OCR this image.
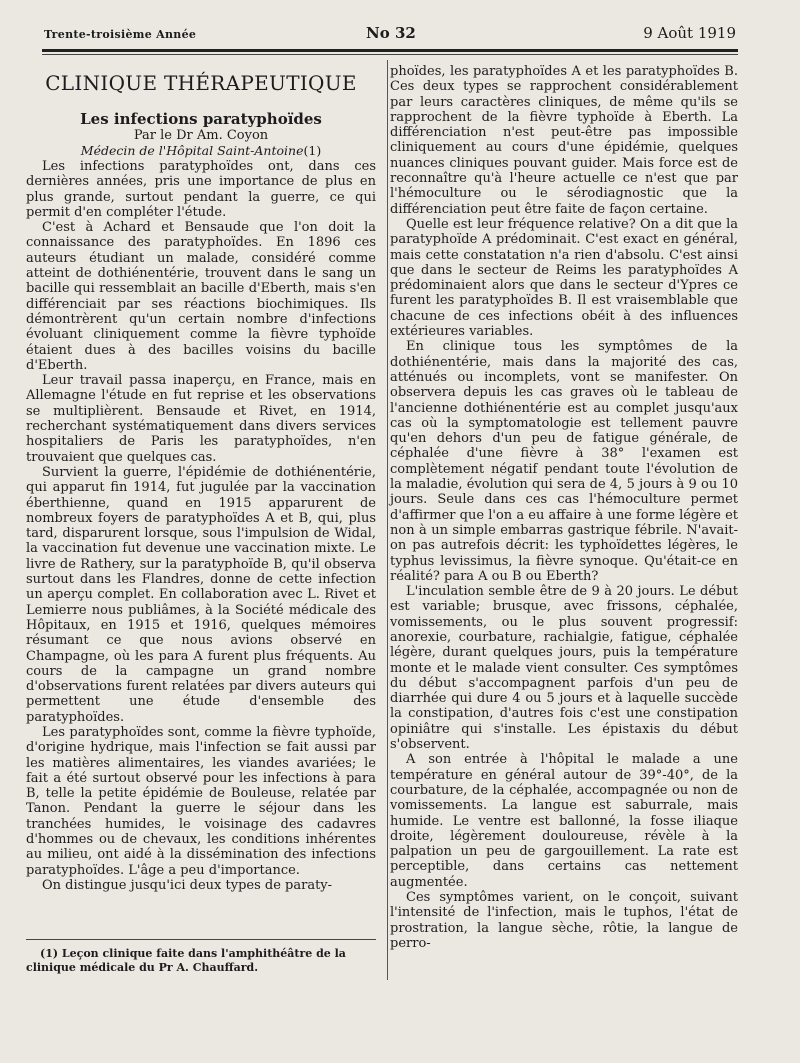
Trente-troisième Année	No 32	9 Août 1919
CLINIQUE THÉRAPEUTIQUE
Les infections paratyphoïdes
Par le Dr Am. Coyon
Médecin de l'Hôpital Saint-Antoine(1)

Les infections paratyphoïdes ont, dans ces dernières années, pris une importance de plus en plus grande, surtout pendant la guerre, ce qui permit d'en compléter l'étude.

C'est à Achard et Bensaude que l'on doit la connaissance des paratyphoïdes. En 1896 ces auteurs étudiant un malade, considéré comme atteint de dothiénentérie, trouvent dans le sang un bacille qui ressemblait an bacille d'Eberth, mais s'en différenciait par ses réactions biochimiques. Ils démontrèrent qu'un certain nombre d'infections évoluant cliniquement comme la fièvre typhoïde étaient dues à des bacilles voisins du bacille d'Eberth.

Leur travail passa inaperçu, en France, mais en Allemagne l'étude en fut reprise et les observations se multiplièrent. Bensaude et Rivet, en 1914, recherchant systématiquement dans divers services hospitaliers de Paris les paratyphoïdes, n'en trouvaient que quelques cas.

Survient la guerre, l'épidémie de dothiénentérie, qui apparut fin 1914, fut jugulée par la vaccination éberthienne, quand en 1915 apparurent de nombreux foyers de paratyphoïdes A et B, qui, plus tard, disparurent lorsque, sous l'impulsion de Widal, la vaccination fut devenue une vaccination mixte. Le livre de Rathery, sur la paratyphoïde B, qu'il observa surtout dans les Flandres, donne de cette infection un aperçu complet. En collaboration avec L. Rivet et Lemierre nous publiâmes, à la Société médicale des Hôpitaux, en 1915 et 1916, quelques mémoires résumant ce que nous avions observé en Champagne, où les para A furent plus fréquents. Au cours de la campagne un grand nombre d'observations furent relatées par divers auteurs qui permettent une étude d'ensemble des paratyphoïdes.

Les paratyphoïdes sont, comme la fièvre typhoïde, d'origine hydrique, mais l'infection se fait aussi par les matières alimentaires, les viandes avariées; le fait a été surtout observé pour les infections à para B, telle la petite épidémie de Bouleuse, relatée par Tanon. Pendant la guerre le séjour dans les tranchées humides, le voisinage des cadavres d'hommes ou de chevaux, les conditions inhérentes au milieu, ont aidé à la dissémination des infections paratyphoïdes. L'âge a peu d'importance.

On distingue jusqu'ici deux types de paraty-

(1) Leçon clinique faite dans l'amphithéâtre de la clinique médicale du Pr A. Chauffard.

phoïdes, les paratyphoïdes A et les paratyphoïdes B. Ces deux types se rapprochent considérablement par leurs caractères cliniques, de même qu'ils se rapprochent de la fièvre typhoïde à Eberth. La différenciation n'est peut-être pas impossible cliniquement au cours d'une épidémie, quelques nuances cliniques pouvant guider. Mais force est de reconnaître qu'à l'heure actuelle ce n'est que par l'hémoculture ou le sérodiagnostic que la différenciation peut être faite de façon certaine.

Quelle est leur fréquence relative? On a dit que la paratyphoïde A prédominait. C'est exact en général, mais cette constatation n'a rien d'absolu. C'est ainsi que dans le secteur de Reims les paratyphoïdes A prédominaient alors que dans le secteur d'Ypres ce furent les paratyphoïdes B. Il est vraisemblable que chacune de ces infections obéit à des influences extérieures variables.

En clinique tous les symptômes de la dothiénentérie, mais dans la majorité des cas, atténués ou incomplets, vont se manifester. On observera depuis les cas graves où le tableau de l'ancienne dothiénentérie est au complet jusqu'aux cas où la symptomatologie est tellement pauvre qu'en dehors d'un peu de fatigue générale, de céphalée d'une fièvre à 38° l'examen est complètement négatif pendant toute l'évolution de la maladie, évolution qui sera de 4, 5 jours à 9 ou 10 jours. Seule dans ces cas l'hémoculture permet d'affirmer que l'on a eu affaire à une forme légère et non à un simple embarras gastrique fébrile. N'avait-on pas autrefois décrit: les typhoïdettes légères, le typhus levissimus, la fièvre synoque. Qu'était-ce en réalité? para A ou B ou Eberth?

L'inculation semble être de 9 à 20 jours. Le début est variable; brusque, avec frissons, céphalée, vomissements, ou le plus souvent progressif: anorexie, courbature, rachialgie, fatigue, céphalée légère, durant quelques jours, puis la température monte et le malade vient consulter. Ces symptômes du début s'accompagnent parfois d'un peu de diarrhée qui dure 4 ou 5 jours et à laquelle succède la constipation, d'autres fois c'est une constipation opiniâtre qui s'installe. Les épistaxis du début s'observent.

A son entrée à l'hôpital le malade a une température en général autour de 39°-40°, de la courbature, de la céphalée, accompagnée ou non de vomissements. La langue est saburrale, mais humide. Le ventre est ballonné, la fosse iliaque droite, légèrement douloureuse, révèle à la palpation un peu de gargouillement. La rate est perceptible, dans certains cas nettement augmentée.

Ces symptômes varient, on le conçoit, suivant l'intensité de l'infection, mais le tuphos, l'état de prostration, la langue sèche, rôtie, la langue de perro-
